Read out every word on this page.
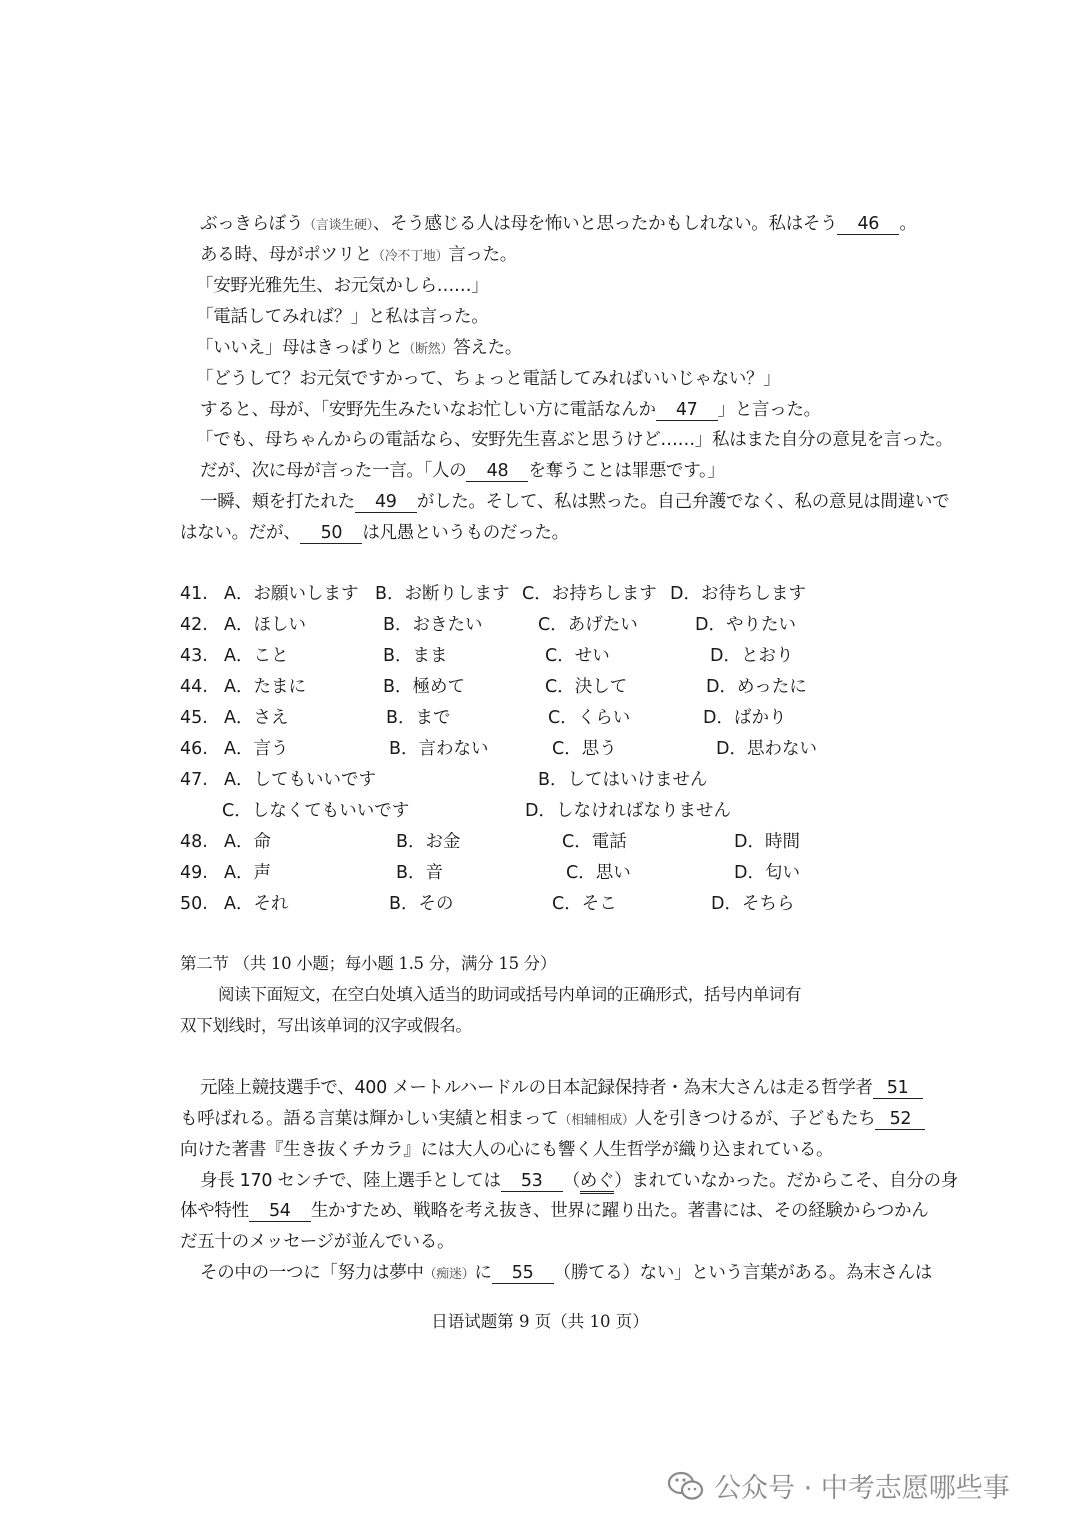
ぶっきらぼう（言谈生硬）、そう感じる人は母を怖いと思ったかもしれない。私はそう 46 。
ある時、母がポツリと（冷不丁地）言った。
「安野光雅先生、お元気かしら……」
「電話してみれば？」と私は言った。
「いいえ」母はきっぱりと（断然）答えた。
「どうして？お元気ですかって、ちょっと電話してみればいいじゃない？」
すると、母が、「安野先生みたいなお忙しい方に電話なんか 47 」と言った。
「でも、母ちゃんからの電話なら、安野先生喜ぶと思うけど……」私はまた自分の意見を言った。
だが、次に母が言った一言。「人の 48 を奪うことは罪悪です。」
一瞬、頬を打たれた 49 がした。そして、私は黙った。自己弁護でなく、私の意見は間違いで
はない。だが、 50 は凡愚というものだった。
41. A．お願いします B．お断りします C．お持ちします D．お待ちします
42. A．ほしい	B．おきたい	C．あげたい	D．やりたい
43. A．こと	B．まま	C．せい	D．とおり
44. A．たまに	B．極めて	C．決して	D．めったに
45. A．さえ	B．まで	C．くらい	D．ばかり
46. A．言う	B．言わない	C．思う	D．思わない
47. A．してもいいです	B．してはいけません
C．しなくてもいいです	D．しなければなりません
48. A．命	B．お金	C．電話	D．時間
49. A．声	B．音	C．思い	D．匂い
50. A．それ	B．その	C．そこ	D．そちら
第二节 （共 10 小题；每小题 1.5 分，满分 15 分）
阅读下面短文，在空白处填入适当的助词或括号内单词的正确形式，括号内单词有
双下划线时，写出该单词的汉字或假名。
元陸上競技選手で、400 メートルハードルの日本記録保持者・為末大さんは走る哲学者 51
も呼ばれる。語る言葉は輝かしい実績と相まって（相辅相成）人を引きつけるが、子どもたち 52
向けた著書『生き抜くチカラ』には大人の心にも響く人生哲学が織り込まれている。
身長 170 センチで、陸上選手としては 53 （めぐ）まれていなかった。だからこそ、自分の身
体や特性 54 生かすため、戦略を考え抜き、世界に躍り出た。著書には、その経験からつかん
だ五十のメッセージが並んでいる。
その中の一つに「努力は夢中（痴迷）に 55 （勝てる）ない」という言葉がある。為末さんは
日语试题第 9 页（共 10 页）
公众号 · 中考志愿哪些事
